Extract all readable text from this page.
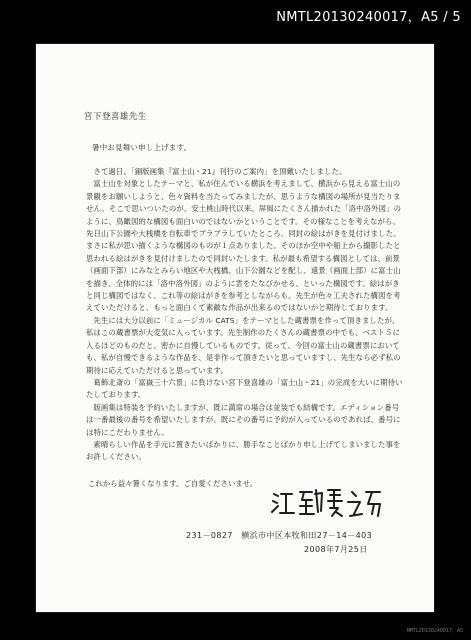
NMTL20130240017，A5 / 5
宮下登喜雄先生
暑中お見舞い申し上げます。

さて過日、「銅版画集『富士山・21』刊行のご案内」を頂戴いたしました。

富士山を対象としたテーマと、私が住んでいる横浜を考えまして、横浜から見える富士山の景観をお願いしようと、色々資料を当たってみましたが、思うような構図の場所が見当たりません。そこで思いついたのが、安土桃山時代以来、屏風にたくさん描かれた「洛中洛外図」のように、鳥瞰図的な構図も面白いのではないかということです。その様なことを考えながら、先日山下公園や大桟橋を自転車でブラブラしていたところ、同封の絵はがきを見付けました。まさに私が思い描くような構図のものが１点ありました。そのほか空中や船上から撮影したと思われる絵はがきを見付けましたので同封いたします。私が最も希望する構図としては、前景（画面下部）にみなとみらい地区や大桟橋、山下公園などを配し、遠景（画面上部）に富士山を描き、全体的には「洛中洛外図」のように雲をたなびかせる、といった構図です。絵はがきと同じ構図ではなく、これ等の絵はがきを参考としながらも、先生が色々工夫された構図を考えていただけると、もっと面白くて素敵な作品が出来るのではないかと期待しております。

先生には大分以前に「ミュージカル CATS」をテーマとした蔵書票を作って頂きましたが、私はこの蔵書票が大変気に入っています。先生制作のたくさんの蔵書票の中でも、ベスト５に入るほどのものだと、密かに自慢しているものです。従って、今回の富士山の蔵書票においても、私が自慢できるような作品を、是非作って頂きたいと思っていますし、先生なら必ず私の期待に応えていただけると思っています。

葛飾北斎の「富嶽三十六景」に負けない宮下登喜雄の「富士山・21」の完成を大いに期待いたしております。

版画集は特装を予約いたしますが、既に満席の場合は並装でも結構です。エディション番号は一番最後の番号を希望いたしますが、既にその番号に予約が入っているのであれば、番号には特にこだわりません。

素晴らしい作品を手元に置きたいばかりに、勝手なことばかり申し上げてしまいました事をお許しください。

これから益々暑くなります。ご自愛くださいませ。
231－0827　横浜市中区本牧和田27－14－403
2008年7月25日
NMTL20130240017，A5
